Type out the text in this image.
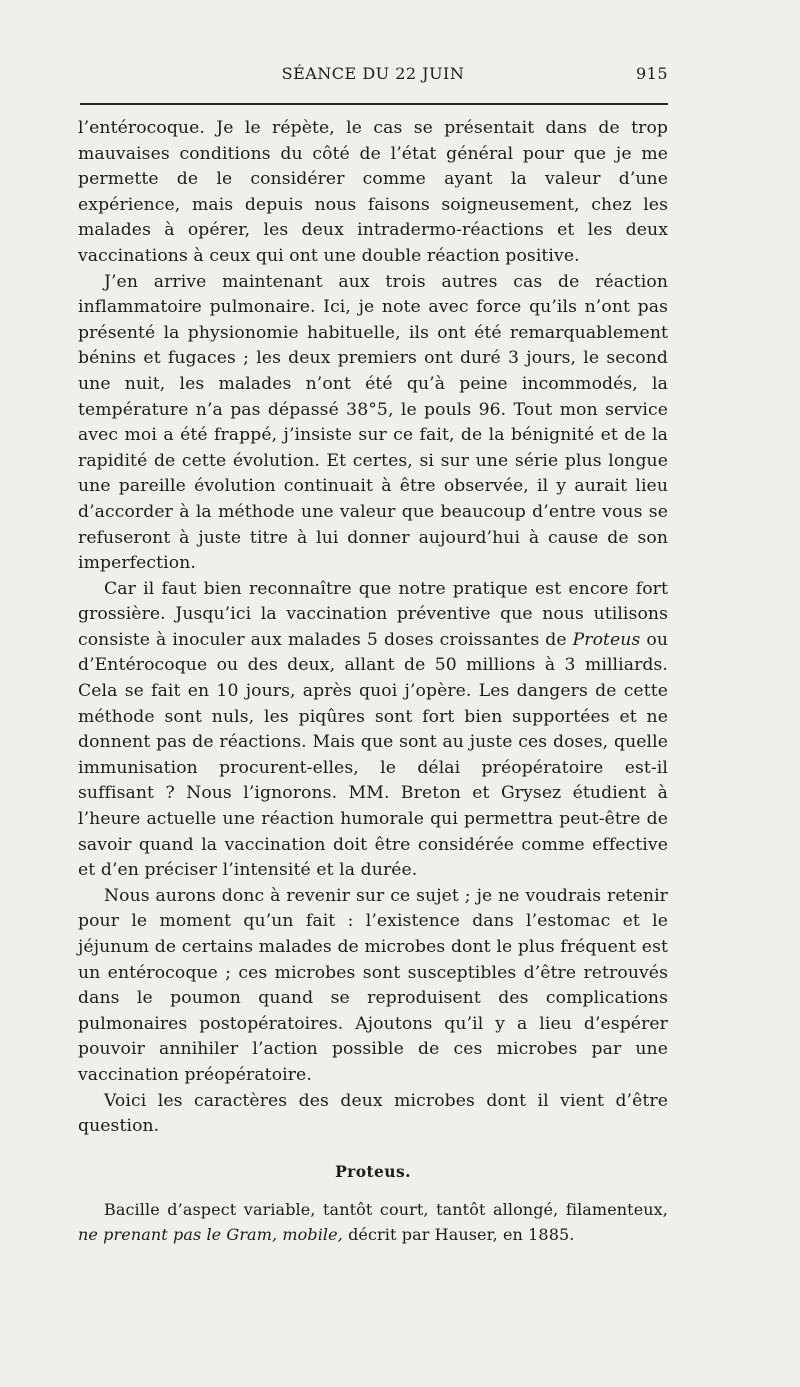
SÉANCE DU 22 JUIN	915

l’entérocoque. Je le répète, le cas se présentait dans de trop mauvaises conditions du côté de l’état général pour que je me permette de le considérer comme ayant la valeur d’une expérience, mais depuis nous faisons soigneusement, chez les malades à opérer, les deux intradermo-réactions et les deux vaccinations à ceux qui ont une double réaction positive.

J’en arrive maintenant aux trois autres cas de réaction inflammatoire pulmonaire. Ici, je note avec force qu’ils n’ont pas présenté la physionomie habituelle, ils ont été remarquablement bénins et fugaces ; les deux premiers ont duré 3 jours, le second une nuit, les malades n’ont été qu’à peine incommodés, la température n’a pas dépassé 38°5, le pouls 96. Tout mon service avec moi a été frappé, j’insiste sur ce fait, de la bénignité et de la rapidité de cette évolution. Et certes, si sur une série plus longue une pareille évolution continuait à être observée, il y aurait lieu d’accorder à la méthode une valeur que beaucoup d’entre vous se refuseront à juste titre à lui donner aujourd’hui à cause de son imperfection.

Car il faut bien reconnaître que notre pratique est encore fort grossière. Jusqu’ici la vaccination préventive que nous utilisons consiste à inoculer aux malades 5 doses croissantes de Proteus ou d’Entérocoque ou des deux, allant de 50 millions à 3 milliards. Cela se fait en 10 jours, après quoi j’opère. Les dangers de cette méthode sont nuls, les piqûres sont fort bien supportées et ne donnent pas de réactions. Mais que sont au juste ces doses, quelle immunisation procurent-elles, le délai préopératoire est-il suffisant ? Nous l’ignorons. MM. Breton et Grysez étudient à l’heure actuelle une réaction humorale qui permettra peut-être de savoir quand la vaccination doit être considérée comme effective et d’en préciser l’intensité et la durée.

Nous aurons donc à revenir sur ce sujet ; je ne voudrais retenir pour le moment qu’un fait : l’existence dans l’estomac et le jéjunum de certains malades de microbes dont le plus fréquent est un entérocoque ; ces microbes sont susceptibles d’être retrouvés dans le poumon quand se reproduisent des complications pulmonaires postopératoires. Ajoutons qu’il y a lieu d’espérer pouvoir annihiler l’action possible de ces microbes par une vaccination préopératoire.

Voici les caractères des deux microbes dont il vient d’être question.

Proteus.

Bacille d’aspect variable, tantôt court, tantôt allongé, filamenteux, ne prenant pas le Gram, mobile, décrit par Hauser, en 1885.
